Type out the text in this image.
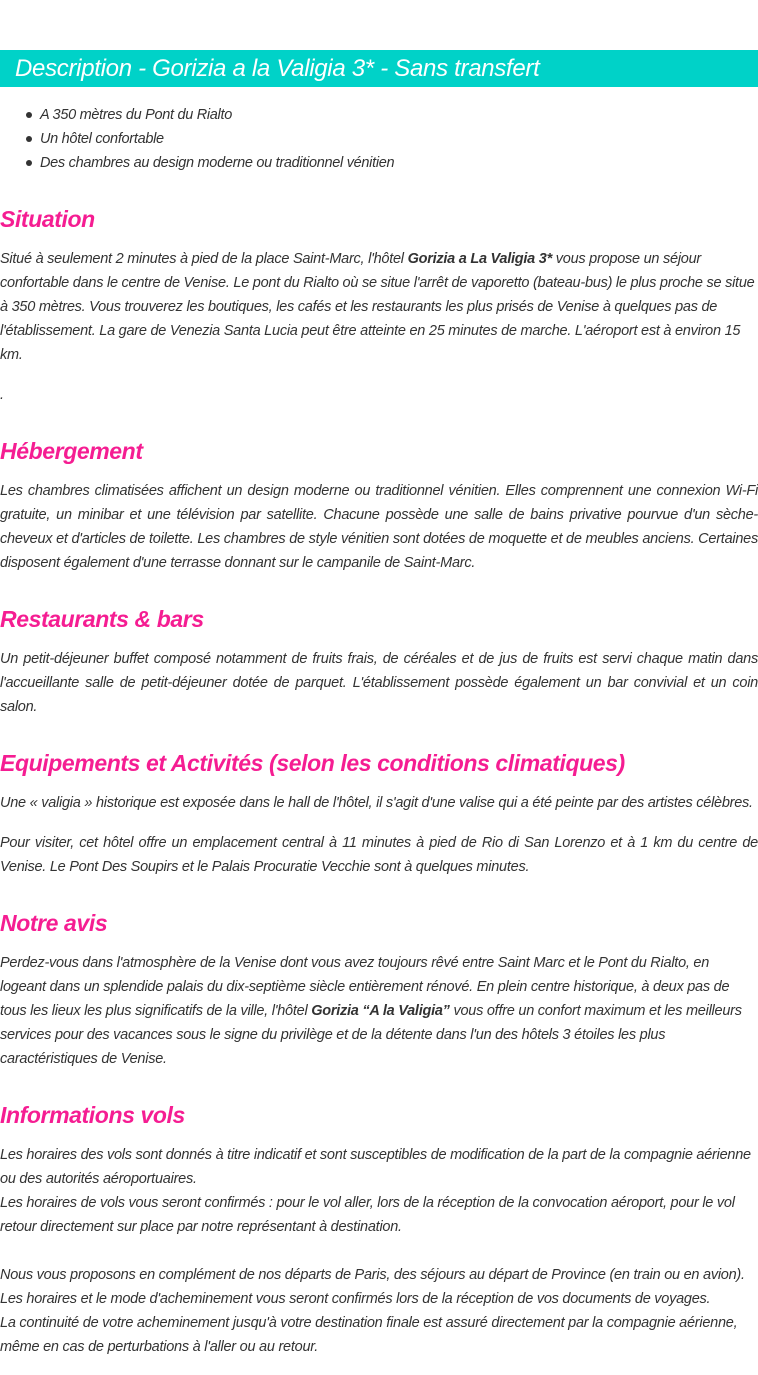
Description - Gorizia a la Valigia 3* - Sans transfert
A 350 mètres du Pont du Rialto
Un hôtel confortable
Des chambres au design moderne ou traditionnel vénitien
Situation
Situé à seulement 2 minutes à pied de la place Saint-Marc, l'hôtel Gorizia a La Valigia 3* vous propose un séjour
confortable dans le centre de Venise. Le pont du Rialto où se situe l'arrêt de vaporetto (bateau-bus) le plus proche se situe
à 350 mètres. Vous trouverez les boutiques, les cafés et les restaurants les plus prisés de Venise à quelques pas de
l'établissement. La gare de Venezia Santa Lucia peut être atteinte en 25 minutes de marche. L'aéroport est à environ 15
km.
.
Hébergement
Les chambres climatisées affichent un design moderne ou traditionnel vénitien. Elles comprennent une connexion Wi-Fi
gratuite, un minibar et une télévision par satellite. Chacune possède une salle de bains privative pourvue d'un sèche-
cheveux et d'articles de toilette. Les chambres de style vénitien sont dotées de moquette et de meubles anciens. Certaines
disposent également d'une terrasse donnant sur le campanile de Saint-Marc.
Restaurants & bars
Un petit-déjeuner buffet composé notamment de fruits frais, de céréales et de jus de fruits est servi chaque matin dans
l'accueillante salle de petit-déjeuner dotée de parquet. L'établissement possède également un bar convivial et un coin
salon.
Equipements et Activités (selon les conditions climatiques)
Une « valigia » historique est exposée dans le hall de l'hôtel, il s'agit d'une valise qui a été peinte par des artistes célèbres.
Pour visiter, cet hôtel offre un emplacement central à 11 minutes à pied de Rio di San Lorenzo et à 1 km du centre de
Venise. Le Pont Des Soupirs et le Palais Procuratie Vecchie sont à quelques minutes.
Notre avis
Perdez-vous dans l'atmosphère de la Venise dont vous avez toujours rêvé entre Saint Marc et le Pont du Rialto, en
logeant dans un splendide palais du dix-septième siècle entièrement rénové. En plein centre historique, à deux pas de
tous les lieux les plus significatifs de la ville, l'hôtel Gorizia “A la Valigia” vous offre un confort maximum et les meilleurs
services pour des vacances sous le signe du privilège et de la détente dans l'un des hôtels 3 étoiles les plus
caractéristiques de Venise.
Informations vols
Les horaires des vols sont donnés à titre indicatif et sont susceptibles de modification de la part de la compagnie aérienne
ou des autorités aéroportuaires.
Les horaires de vols vous seront confirmés : pour le vol aller, lors de la réception de la convocation aéroport, pour le vol
retour directement sur place par notre représentant à destination.
Nous vous proposons en complément de nos départs de Paris, des séjours au départ de Province (en train ou en avion).
Les horaires et le mode d'acheminement vous seront confirmés lors de la réception de vos documents de voyages.
La continuité de votre acheminement jusqu'à votre destination finale est assuré directement par la compagnie aérienne,
même en cas de perturbations à l'aller ou au retour.
